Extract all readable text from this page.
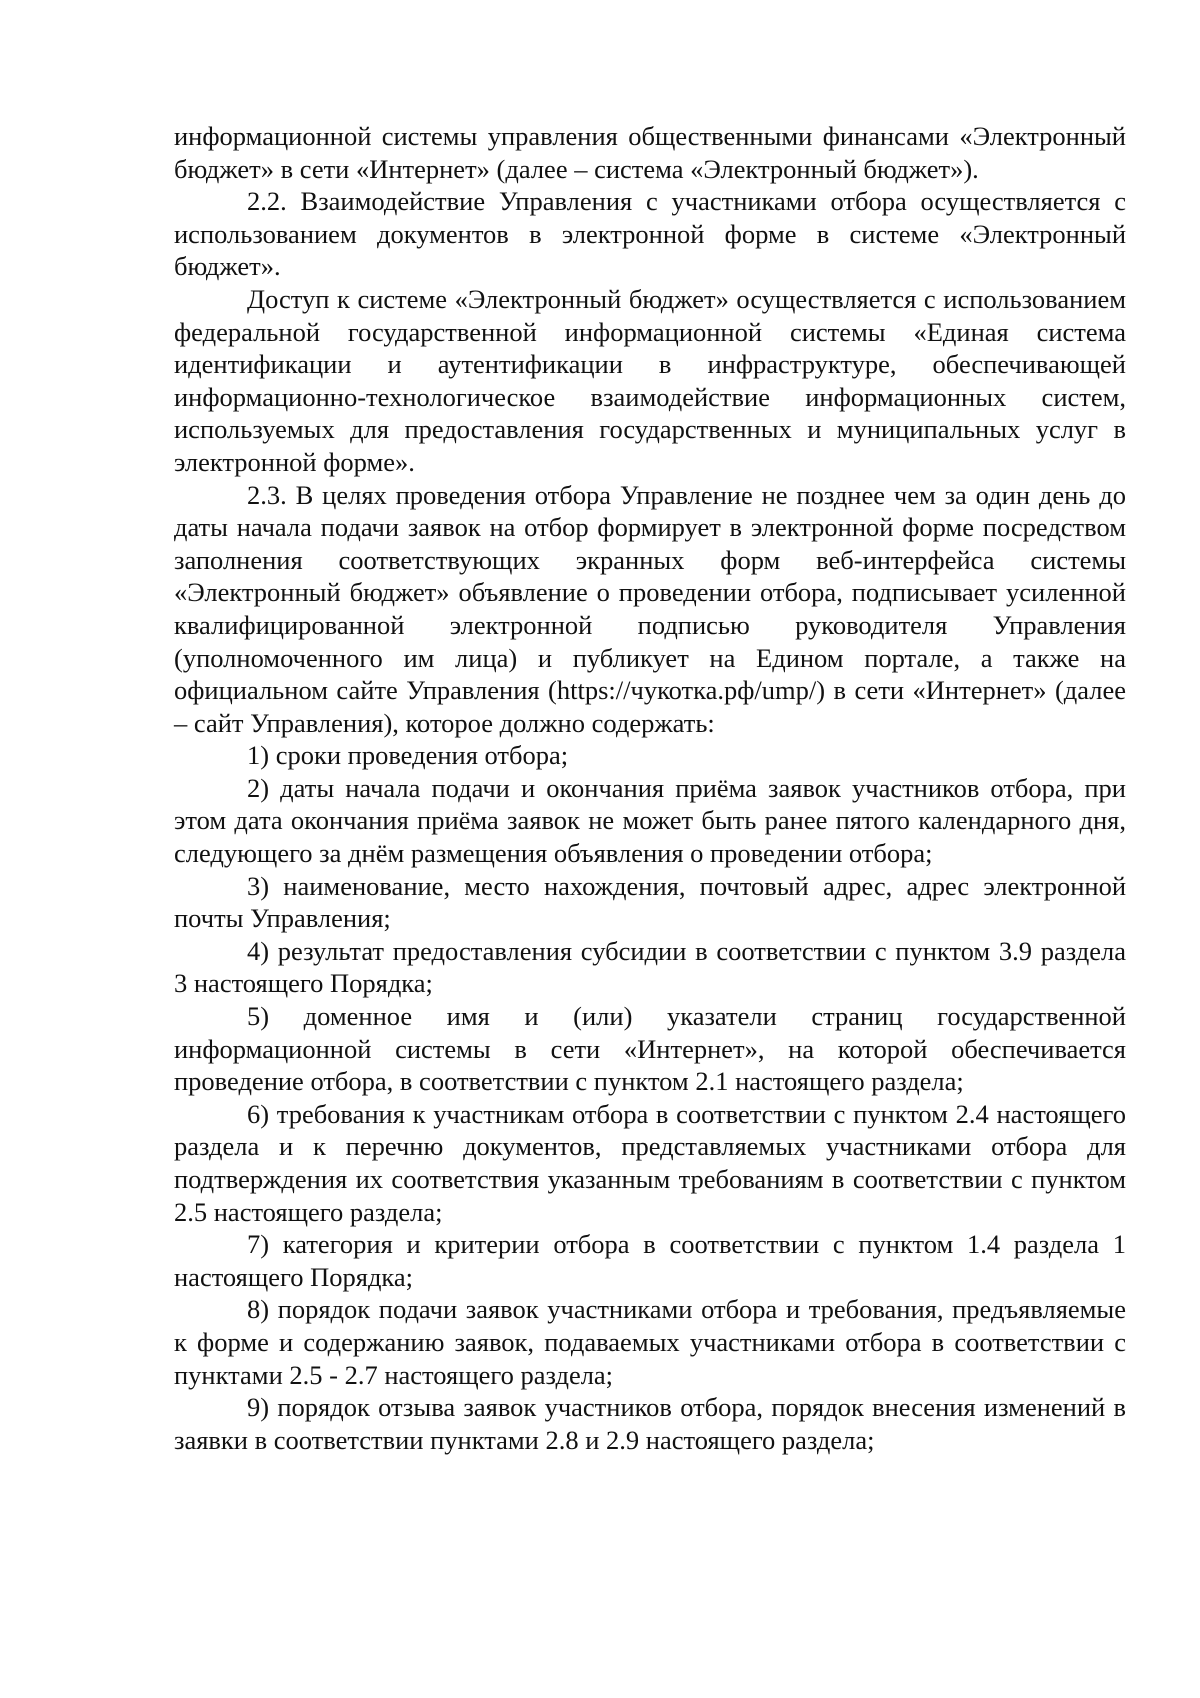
информационной системы управления общественными финансами «Электронный бюджет» в сети «Интернет» (далее – система «Электронный бюджет»).

2.2. Взаимодействие Управления с участниками отбора осуществляется с использованием документов в электронной форме в системе «Электронный бюджет».

Доступ к системе «Электронный бюджет» осуществляется с использованием федеральной государственной информационной системы «Единая система идентификации и аутентификации в инфраструктуре, обеспечивающей информационно-технологическое взаимодействие информационных систем, используемых для предоставления государственных и муниципальных услуг в электронной форме».

2.3. В целях проведения отбора Управление не позднее чем за один день до даты начала подачи заявок на отбор формирует в электронной форме посредством заполнения соответствующих экранных форм веб-интерфейса системы «Электронный бюджет» объявление о проведении отбора, подписывает усиленной квалифицированной электронной подписью руководителя Управления (уполномоченного им лица) и публикует на Едином портале, а также на официальном сайте Управления (https://чукотка.рф/ump/) в сети «Интернет» (далее – сайт Управления), которое должно содержать:

1) сроки проведения отбора;

2) даты начала подачи и окончания приёма заявок участников отбора, при этом дата окончания приёма заявок не может быть ранее пятого календарного дня, следующего за днём размещения объявления о проведении отбора;

3) наименование, место нахождения, почтовый адрес, адрес электронной почты Управления;

4) результат предоставления субсидии в соответствии с пунктом 3.9 раздела 3 настоящего Порядка;

5) доменное имя и (или) указатели страниц государственной информационной системы в сети «Интернет», на которой обеспечивается проведение отбора, в соответствии с пунктом 2.1 настоящего раздела;

6) требования к участникам отбора в соответствии с пунктом 2.4 настоящего раздела и к перечню документов, представляемых участниками отбора для подтверждения их соответствия указанным требованиям в соответствии с пунктом 2.5 настоящего раздела;

7) категория и критерии отбора в соответствии с пунктом 1.4 раздела 1 настоящего Порядка;

8) порядок подачи заявок участниками отбора и требования, предъявляемые к форме и содержанию заявок, подаваемых участниками отбора в соответствии с пунктами 2.5 - 2.7 настоящего раздела;

9) порядок отзыва заявок участников отбора, порядок внесения изменений в заявки в соответствии пунктами 2.8 и 2.9 настоящего раздела;
